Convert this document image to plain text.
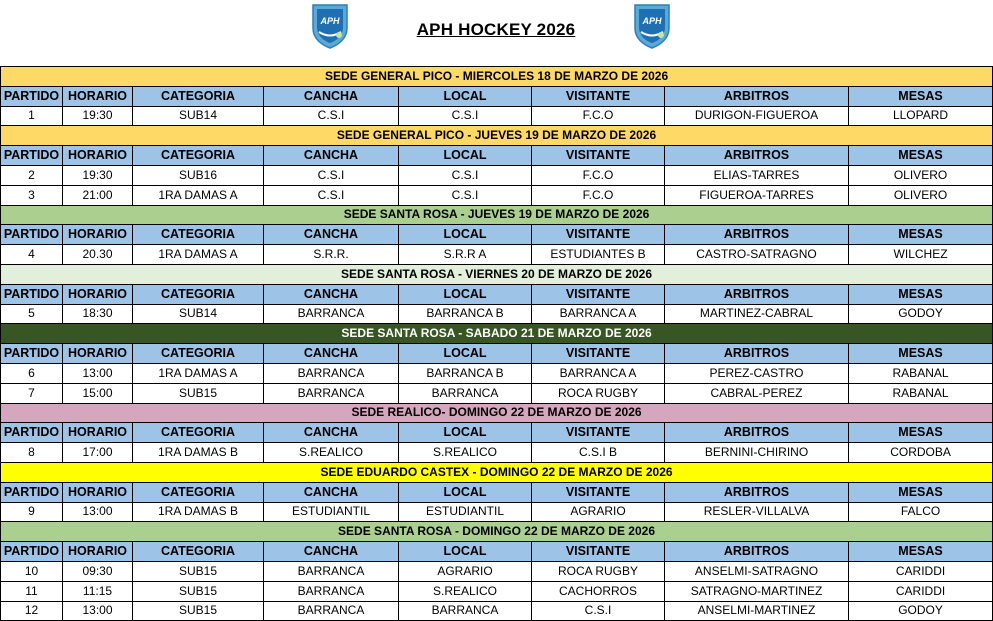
APH	APH HOCKEY 2026	APH
SEDE GENERAL PICO - MIERCOLES 18 DE MARZO DE 2026							
PARTIDO	HORARIO	CATEGORIA	CANCHA	LOCAL	VISITANTE	ARBITROS	MESAS
1	19:30	SUB14	C.S.I	C.S.I	F.C.O	DURIGON-FIGUEROA	LLOPARD
SEDE GENERAL PICO - JUEVES 19 DE MARZO DE 2026							
PARTIDO	HORARIO	CATEGORIA	CANCHA	LOCAL	VISITANTE	ARBITROS	MESAS
2	19:30	SUB16	C.S.I	C.S.I	F.C.O	ELIAS-TARRES	OLIVERO
3	21:00	1RA DAMAS A	C.S.I	C.S.I	F.C.O	FIGUEROA-TARRES	OLIVERO
SEDE SANTA ROSA - JUEVES 19 DE MARZO DE 2026							
PARTIDO	HORARIO	CATEGORIA	CANCHA	LOCAL	VISITANTE	ARBITROS	MESAS
4	20.30	1RA DAMAS A	S.R.R.	S.R.R A	ESTUDIANTES B	CASTRO-SATRAGNO	WILCHEZ
SEDE SANTA ROSA - VIERNES 20 DE MARZO DE 2026							
PARTIDO	HORARIO	CATEGORIA	CANCHA	LOCAL	VISITANTE	ARBITROS	MESAS
5	18:30	SUB14	BARRANCA	BARRANCA B	BARRANCA A	MARTINEZ-CABRAL	GODOY
SEDE SANTA ROSA - SABADO 21 DE MARZO DE 2026							
PARTIDO	HORARIO	CATEGORIA	CANCHA	LOCAL	VISITANTE	ARBITROS	MESAS
6	13:00	1RA DAMAS A	BARRANCA	BARRANCA B	BARRANCA A	PEREZ-CASTRO	RABANAL
7	15:00	SUB15	BARRANCA	BARRANCA	ROCA RUGBY	CABRAL-PEREZ	RABANAL
SEDE REALICO- DOMINGO 22 DE MARZO DE 2026							
PARTIDO	HORARIO	CATEGORIA	CANCHA	LOCAL	VISITANTE	ARBITROS	MESAS
8	17:00	1RA DAMAS B	S.REALICO	S.REALICO	C.S.I B	BERNINI-CHIRINO	CORDOBA
SEDE EDUARDO CASTEX - DOMINGO 22 DE MARZO DE 2026							
PARTIDO	HORARIO	CATEGORIA	CANCHA	LOCAL	VISITANTE	ARBITROS	MESAS
9	13:00	1RA DAMAS B	ESTUDIANTIL	ESTUDIANTIL	AGRARIO	RESLER-VILLALVA	FALCO
SEDE SANTA ROSA - DOMINGO 22 DE MARZO DE 2026							
PARTIDO	HORARIO	CATEGORIA	CANCHA	LOCAL	VISITANTE	ARBITROS	MESAS
10	09:30	SUB15	BARRANCA	AGRARIO	ROCA RUGBY	ANSELMI-SATRAGNO	CARIDDI
11	11:15	SUB15	BARRANCA	S.REALICO	CACHORROS	SATRAGNO-MARTINEZ	CARIDDI
12	13:00	SUB15	BARRANCA	BARRANCA	C.S.I	ANSELMI-MARTINEZ	GODOY
